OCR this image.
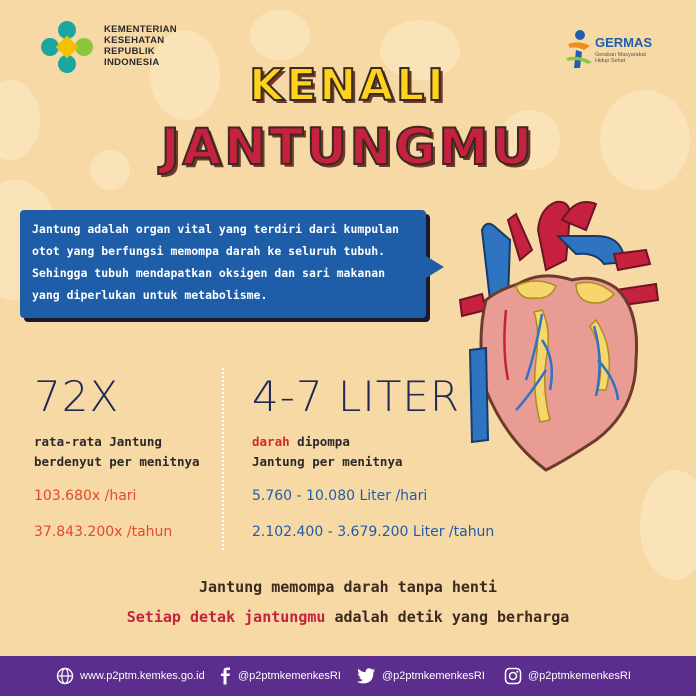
KEMENTERIAN
KESEHATAN
REPUBLIK
INDONESIA
GERMAS
Gerakan Masyarakat Hidup Sehat
KENALI
JANTUNGMU
Jantung adalah organ vital yang terdiri dari kumpulan
otot yang berfungsi memompa darah ke seluruh tubuh.
Sehingga tubuh mendapatkan oksigen dan sari makanan
yang diperlukan untuk metabolisme.
72X
rata-rata Jantung
berdenyut per menitnya
103.680x /hari
37.843.200x /tahun
4-7 LITER
darah dipompa
Jantung per menitnya
5.760 - 10.080 Liter /hari
2.102.400 - 3.679.200 Liter /tahun
Jantung memompa darah tanpa henti
Setiap detak jantungmu adalah detik yang berharga
www.p2ptm.kemkes.go.id	@p2ptmkemenkesRI	@p2ptmkemenkesRI	@p2ptmkemenkesRI
